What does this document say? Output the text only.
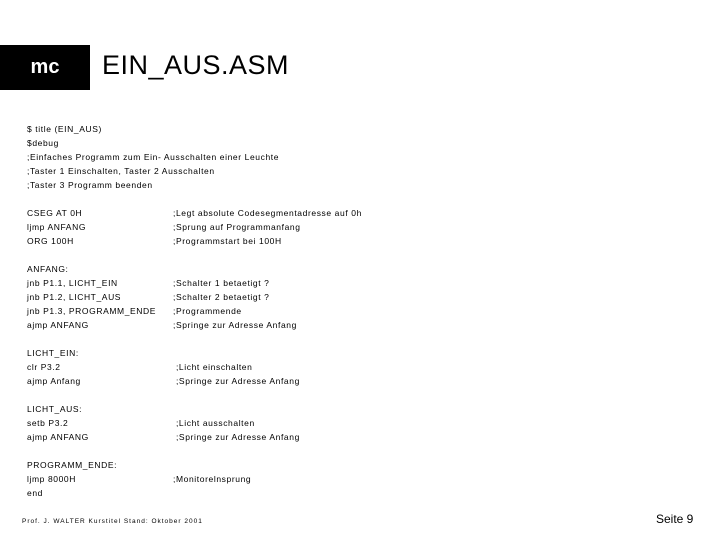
mc EIN_AUS.ASM
$ title (EIN_AUS)
$debug
;Einfaches Programm zum Ein- Ausschalten einer Leuchte
;Taster 1 Einschalten, Taster 2 Ausschalten
;Taster 3 Programm beenden
CSEG AT 0H	;Legt absolute Codesegmentadresse auf 0h
ljmp ANFANG	;Sprung auf Programmanfang
ORG 100H	;Programmstart bei 100H
ANFANG:
jnb P1.1, LICHT_EIN	;Schalter 1 betaetigt ?
jnb P1.2, LICHT_AUS	;Schalter 2 betaetigt ?
jnb P1.3, PROGRAMM_ENDE ;Programmende
ajmp ANFANG	;Springe zur Adresse Anfang
LICHT_EIN:
clr P3.2	;Licht einschalten
ajmp Anfang	;Springe zur Adresse Anfang
LICHT_AUS:
setb P3.2	;Licht ausschalten
ajmp ANFANG	;Springe zur Adresse Anfang
PROGRAMM_ENDE:
ljmp 8000H	;Monitorelnsprung
end
Prof. J. WALTER Kurstitel Stand: Oktober 2001	Seite 9
